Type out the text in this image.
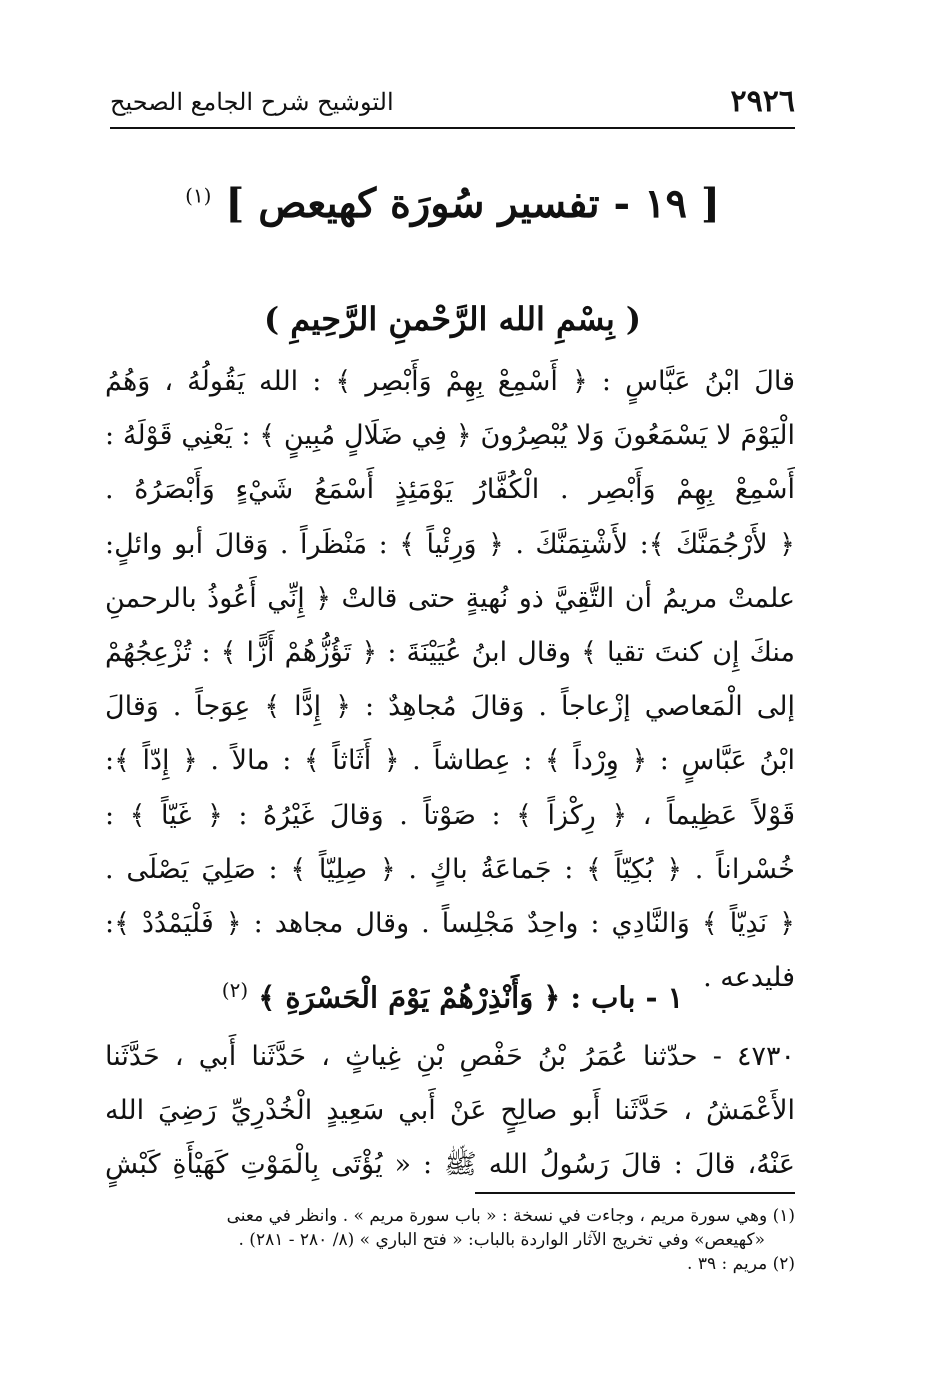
٢٩٢٦
التوشيح شرح الجامع الصحيح
[ ١٩ - تفسير سُورَة كهيعص ] $^{(١)}$
( بِسْمِ الله الرَّحْمنِ الرَّحِيمِ )
قالَ ابْنُ عَبَّاسٍ : ﴿ أَسْمِعْ بِهِمْ وَأَبْصِر ﴾ : الله يَقُولُهُ ، وَهُمُ
الْيَوْمَ لا يَسْمَعُونَ وَلا يُبْصِرُونَ ﴿ فِي ضَلَالٍ مُبِينٍ ﴾ : يَعْنِي قَوْلَهُ :
أَسْمِعْ بِهِمْ وَأَبْصِر . الْكُفَّارُ يَوْمَئِذٍ أَسْمَعُ شَيْءٍ وَأَبْصَرُهُ .
﴿ لأَرْجُمَنَّكَ ﴾: لأَشْتِمَنَّكَ . ﴿ وَرِئْياً ﴾ : مَنْظَراً . وَقالَ أبو وائلٍ:
علمتْ مريمُ أن التَّقِيَّ ذو نُهيةٍ حتى قالتْ ﴿ إِنِّي أَعُوذُ بالرحمنِ
منكَ إِن كنتَ تقيا ﴾ وقال ابنُ عُيَيْنَةَ : ﴿ تَؤُزُّهُمْ أَزًّا ﴾ : تُزْعِجُهُمْ
إلى الْمَعاصي إزْعاجاً . وَقالَ مُجاهِدٌ : ﴿ إِدًّا ﴾ عِوَجاً . وَقالَ
ابْنُ عَبَّاسٍ : ﴿ وِرْداً ﴾ : عِطاشاً . ﴿ أَثَاثاً ﴾ : مالاً . ﴿ إِدّاً ﴾:
قَوْلاً عَظِيماً ، ﴿ رِكْزاً ﴾ : صَوْتاً . وَقالَ غَيْرُهُ : ﴿ غَيّاً ﴾ :
خُسْراناً . ﴿ بُكِيّاً ﴾ : جَماعَةُ باكٍ . ﴿ صِلِيّاً ﴾ : صَلِيَ يَصْلَى .
﴿ نَدِيّاً ﴾ وَالنَّادِي : واحِدٌ مَجْلِساً . وقال مجاهد : ﴿ فَلْيَمْدُدْ ﴾:
فليدعه .
١ - باب : ﴿ وَأَنْذِرْهُمْ يَوْمَ الْحَسْرَةِ ﴾ $^{(٢)}$
٤٧٣٠ - حدّثنا عُمَرُ بْنُ حَفْصِ بْنِ غِياثٍ ، حَدَّثَنا أَبي ، حَدَّثَنا
الأَعْمَشُ ، حَدَّثَنا أَبو صالِحٍ عَنْ أَبي سَعِيدٍ الْخُدْرِيِّ رَضِيَ الله
عَنْهُ، قالَ : قالَ رَسُولُ الله ﷺ : « يُؤْتَى بِالْمَوْتِ كَهَيْأَةِ كَبْشٍ
(١) وهي سورة مريم ، وجاءت في نسخة : « باب سورة مريم » . وانظر في معنى
«كهيعص» وفي تخريج الآثار الواردة بالباب: « فتح الباري » (٨/ ٢٨٠ - ٢٨١) .
(٢) مريم : ٣٩ .
